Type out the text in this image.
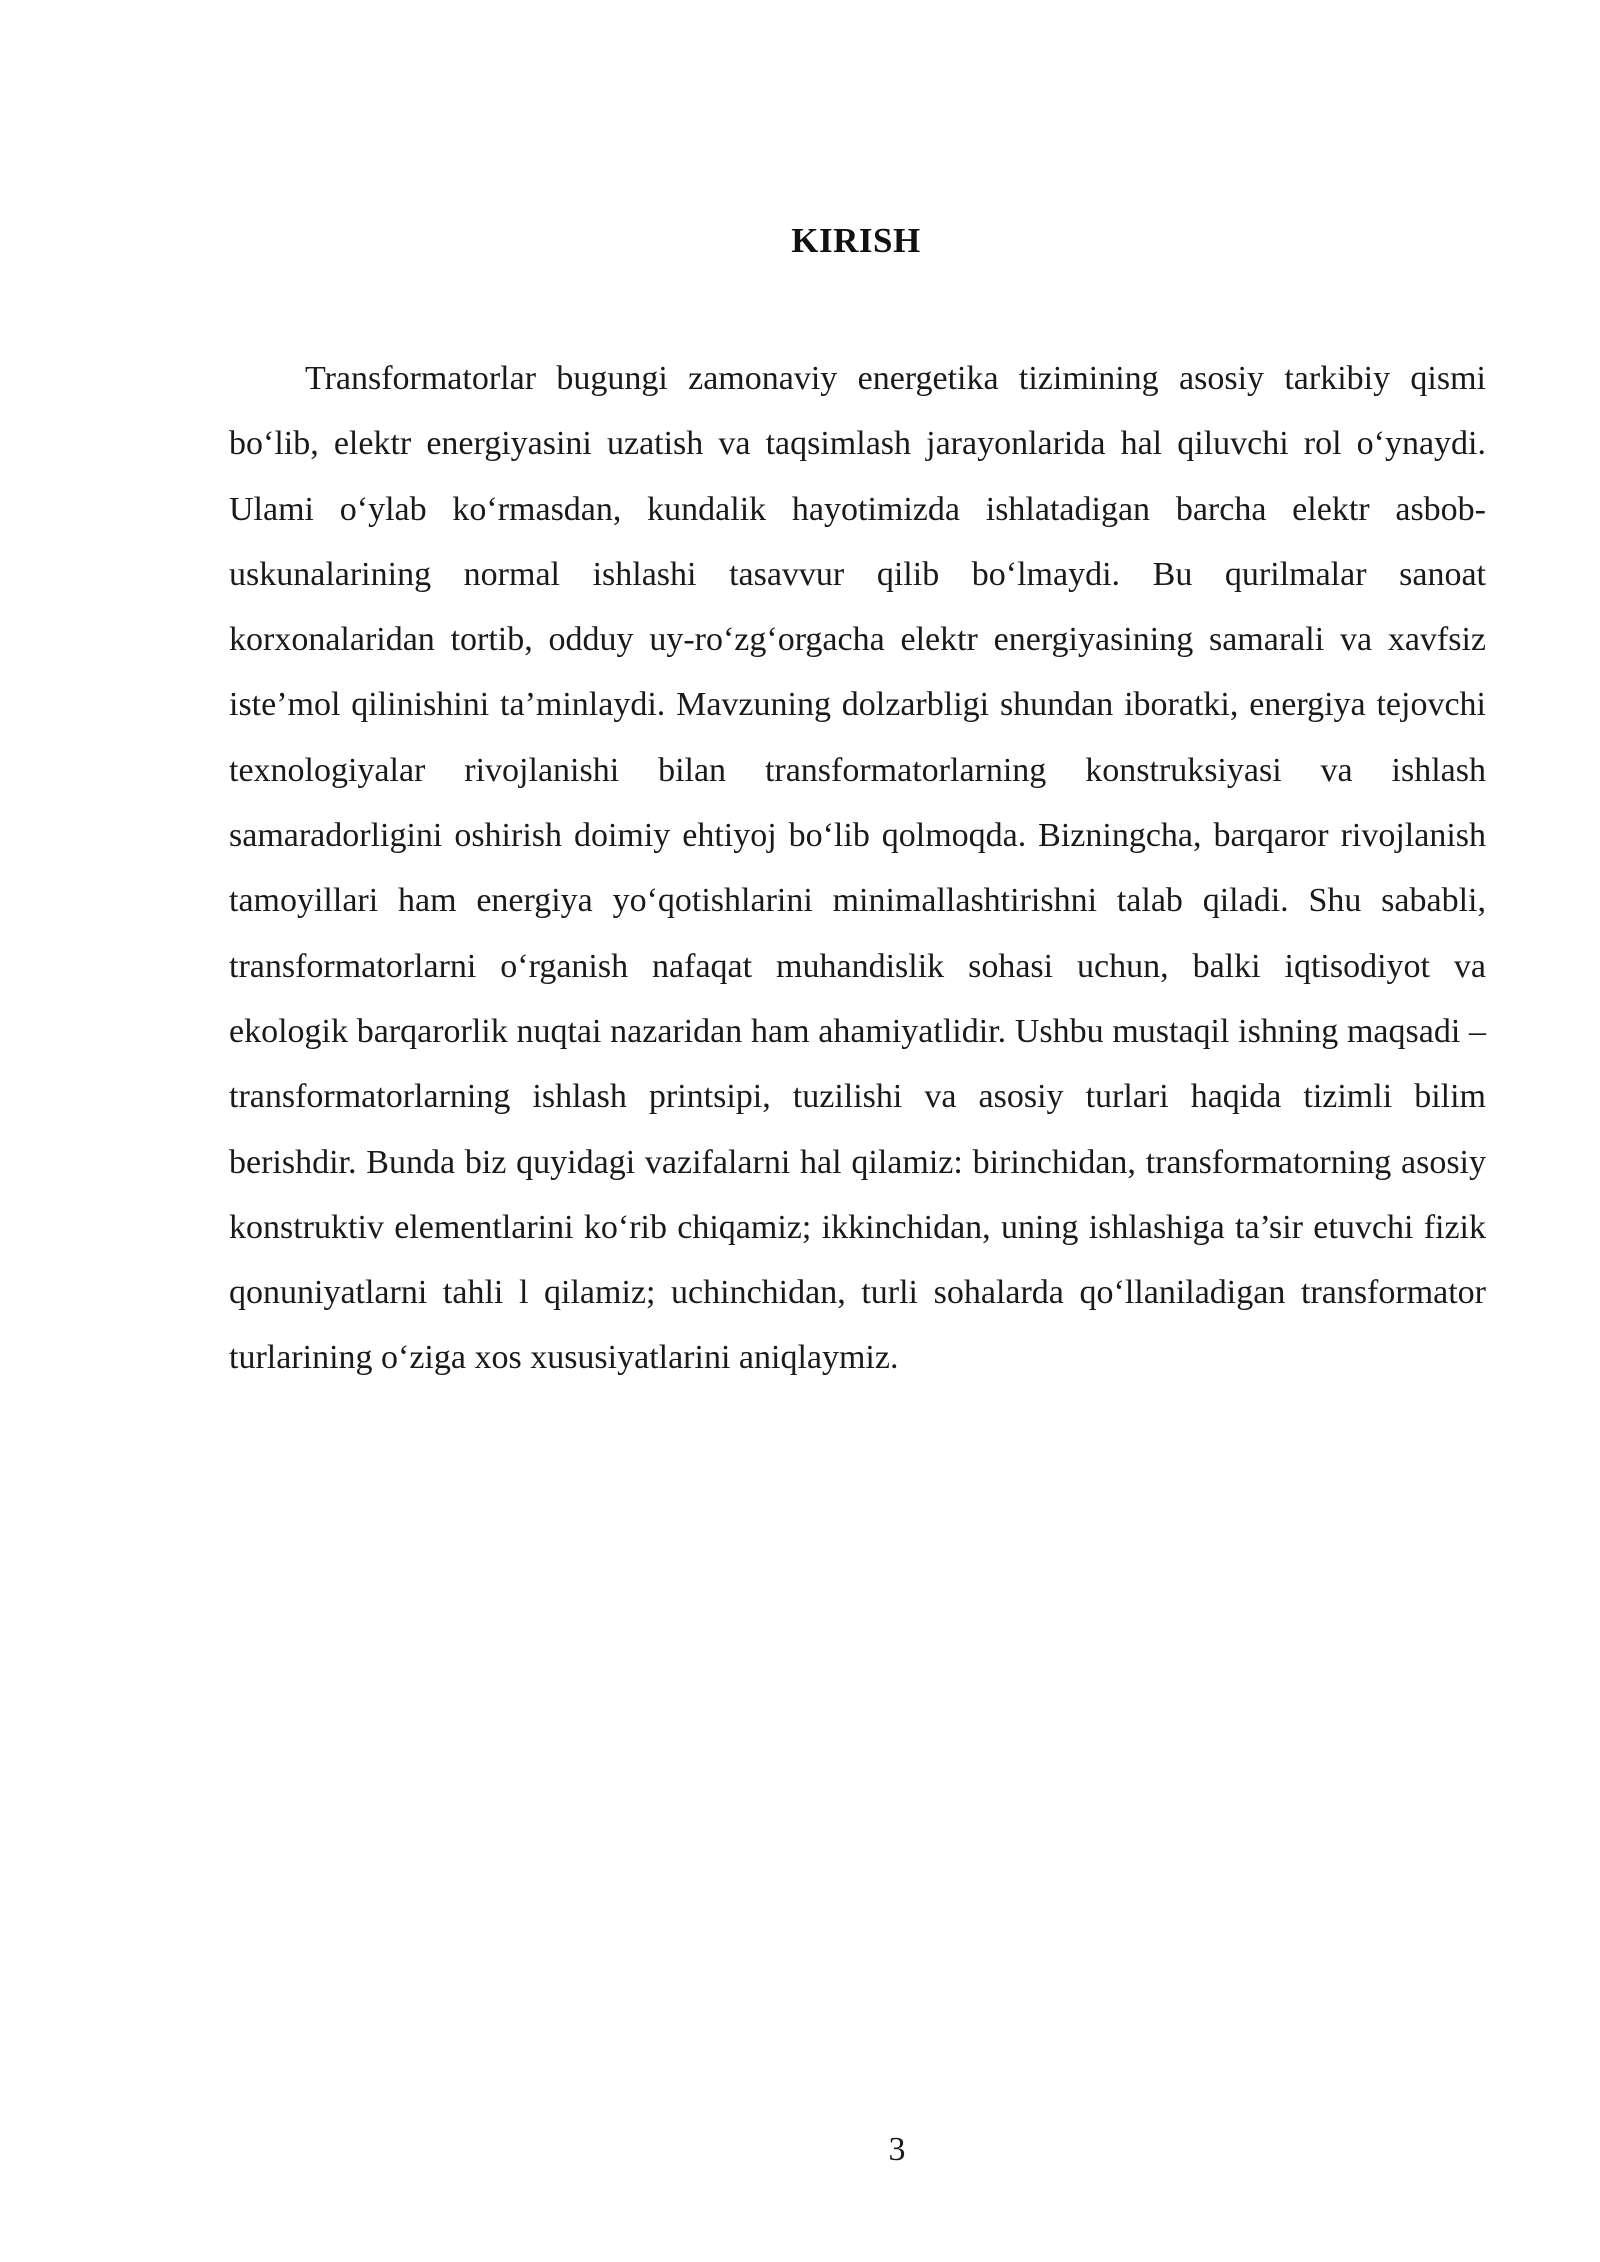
KIRISH

Transformatorlar bugungi zamonaviy energetika tizimining asosiy tarkibiy qismi bo‘lib, elektr energiyasini uzatish va taqsimlash jarayonlarida hal qiluvchi rol o‘ynaydi. Ulami o‘ylab ko‘rmasdan, kundalik hayotimizda ishlatadigan barcha elektr asbob-uskunalarining normal ishlashi tasavvur qilib bo‘lmaydi. Bu qurilmalar sanoat korxonalaridan tortib, odduy uy-ro‘zg‘orgacha elektr energiyasining samarali va xavfsiz iste’mol qilinishini ta’minlaydi. Mavzuning dolzarbligi shundan iboratki, energiya tejovchi texnologiyalar rivojlanishi bilan transformatorlarning konstruksiyasi va ishlash samaradorligini oshirish doimiy ehtiyoj bo‘lib qolmoqda. Bizningcha, barqaror rivojlanish tamoyillari ham energiya yo‘qotishlarini minimallashtirishni talab qiladi. Shu sababli, transformatorlarni o‘rganish nafaqat muhandislik sohasi uchun, balki iqtisodiyot va ekologik barqarorlik nuqtai nazaridan ham ahamiyatlidir. Ushbu mustaqil ishning maqsadi – transformatorlarning ishlash printsipi, tuzilishi va asosiy turlari haqida tizimli bilim berishdir. Bunda biz quyidagi vazifalarni hal qilamiz: birinchidan, transformatorning asosiy konstruktiv elementlarini ko‘rib chiqamiz; ikkinchidan, uning ishlashiga ta’sir etuvchi fizik qonuniyatlarni tahli l qilamiz; uchinchidan, turli sohalarda qo‘llaniladigan transformator turlarining o‘ziga xos xususiyatlarini aniqlaymiz.

3
